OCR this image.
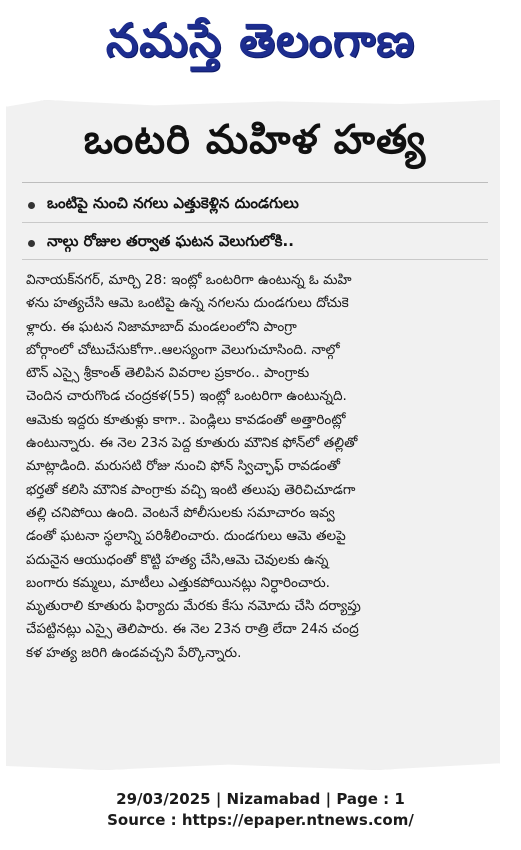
నమస్తే తెలంగాణ
ఒంటరి మహిళ హత్య
ఒంటిపై నుంచి నగలు ఎత్తుకెళ్లిన దుండగులు
నాల్గు రోజుల తర్వాత ఘటన వెలుగులోకి..
వినాయక్‌నగర్, మార్చి 28: ఇంట్లో ఒంటరిగా ఉంటున్న ఓ మహి
ళను హత్యచేసి ఆమె ఒంటిపై ఉన్న నగలను దుండగులు దోచుకె
ళ్లారు. ఈ ఘటన నిజామాబాద్ మండలంలోని పాంగ్రా
బోర్గాంలో చోటుచేసుకోగా..ఆలస్యంగా వెలుగుచూసింది. నాల్గో
టౌన్ ఎస్సై శ్రీకాంత్ తెలిపిన వివరాల ప్రకారం.. పాంగ్రాకు
చెందిన చారుగొండ చంద్రకళ(55) ఇంట్లో ఒంటరిగా ఉంటున్నది.
ఆమెకు ఇద్దరు కూతుళ్లు కాగా.. పెండ్లిలు కావడంతో అత్తారింట్లో
ఉంటున్నారు. ఈ నెల 23న పెద్ద కూతురు మౌనిక ఫోన్‌లో తల్లితో
మాట్లాడింది. మరుసటి రోజు నుంచి ఫోన్ స్విచ్ఛాఫ్ రావడంతో
భర్తతో కలిసి మౌనిక పాంగ్రాకు వచ్చి ఇంటి తలుపు తెరిచిచూడగా
తల్లి చనిపోయి ఉంది. వెంటనే పోలీసులకు సమాచారం ఇవ్వ
డంతో ఘటనా స్థలాన్ని పరిశీలించారు. దుండగులు ఆమె తలపై
పదునైన ఆయుధంతో కొట్టి హత్య చేసి,ఆమె చెవులకు ఉన్న
బంగారు కమ్మలు, మాటీలు ఎత్తుకపోయినట్లు నిర్ధారించారు.
మృతురాలి కూతురు ఫిర్యాదు మేరకు కేసు నమోదు చేసి దర్యాప్తు
చేపట్టినట్లు ఎస్సై తెలిపారు. ఈ నెల 23న రాత్రి లేదా 24న చంద్ర
కళ హత్య జరిగి ఉండవచ్చని పేర్కొన్నారు.
29/03/2025 | Nizamabad | Page : 1
Source : https://epaper.ntnews.com/
